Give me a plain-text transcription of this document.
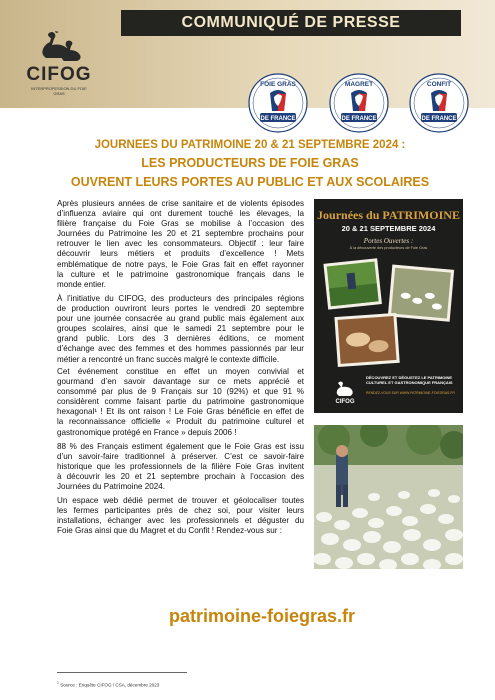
COMMUNIQUÉ DE PRESSE
CIFOG
INTERPROFESSION DU FOIE GRAS
FOIE GRAS
DE FRANCE
MAGRET
DE FRANCE
CONFIT
DE FRANCE
JOURNEES DU PATRIMOINE 20 & 21 SEPTEMBRE 2024 :
LES PRODUCTEURS DE FOIE GRAS
OUVRENT LEURS PORTES AU PUBLIC ET AUX SCOLAIRES
Après plusieurs années de crise sanitaire et de violents épisodes
d’influenza aviaire qui ont durement touché les élevages, la
filière française du Foie Gras se mobilise à l’occasion des
Journées du Patrimoine les 20 et 21 septembre prochains pour
retrouver le lien avec les consommateurs. Objectif : leur faire
découvrir leurs métiers et produits d’excellence ! Mets
emblématique de notre pays, le Foie Gras fait en effet rayonner
la culture et le patrimoine gastronomique français dans le
monde entier.
À l’initiative du CIFOG, des producteurs des principales régions
de production ouvriront leurs portes le vendredi 20 septembre
pour une journée consacrée au grand public mais également aux
groupes scolaires, ainsi que le samedi 21 septembre pour le
grand public. Lors des 3 dernières éditions, ce moment
d’échange avec des femmes et des hommes passionnés par leur
métier a rencontré un franc succès malgré le contexte difficile.
Cet événement constitue en effet un moyen convivial et
gourmand d’en savoir davantage sur ce mets apprécié et
consommé par plus de 9 Français sur 10 (92%) et que 91 %
considèrent comme faisant partie du patrimoine gastronomique
hexagonal¹ ! Et ils ont raison ! Le Foie Gras bénéficie en effet de
la reconnaissance officielle « Produit du patrimoine culturel et
gastronomique protégé en France » depuis 2006 !
88 % des Français estiment également que le Foie Gras est issu
d’un savoir-faire traditionnel à préserver. C’est ce savoir-faire
historique que les professionnels de la filière Foie Gras invitent
à découvrir les 20 et 21 septembre prochain à l’occasion des
Journées du Patrimoine 2024.
Un espace web dédié permet de trouver et géolocaliser toutes
les fermes participantes près de chez soi, pour visiter leurs
installations, échanger avec les professionnels et déguster du
Foie Gras ainsi que du Magret et du Confit ! Rendez-vous sur :
Journées du PATRIMOINE
20 & 21 SEPTEMBRE 2024
Portes Ouvertes :
À la découverte des producteurs de Foie Gras
DÉCOUVREZ ET DÉGUSTEZ LE PATRIMOINE CULTUREL ET GASTRONOMIQUE FRANÇAIS
RENDEZ-VOUS SUR WWW.PATRIMOINE-FOIEGRAS.FR
CIFOG
patrimoine-foiegras.fr
$^1$ Source : Enquête CIFOG / CSA, décembre 2023
